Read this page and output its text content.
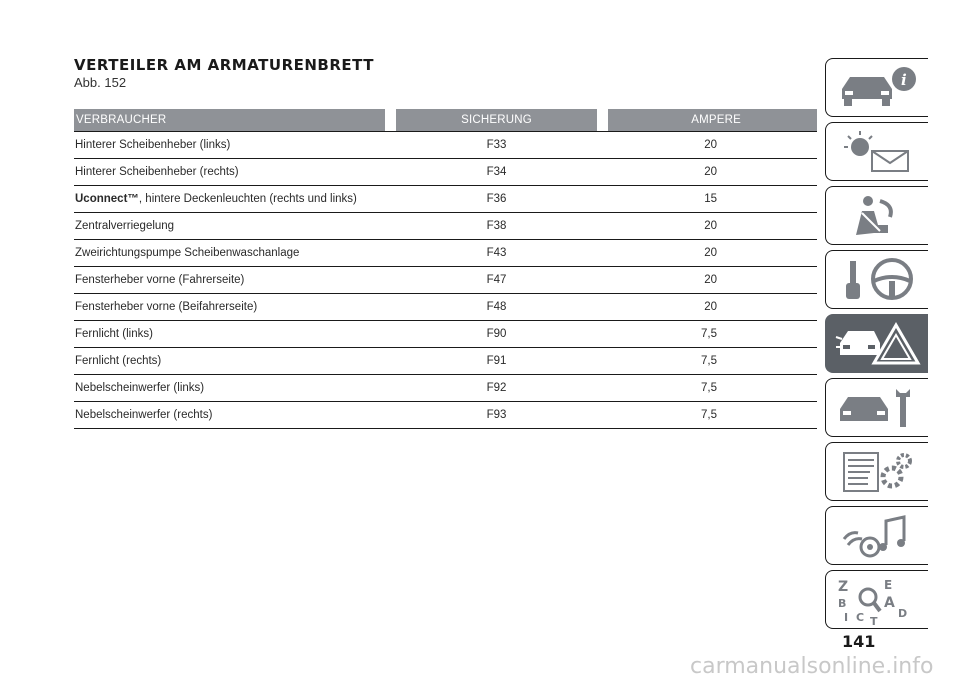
VERTEILER AM ARMATURENBRETT
Abb. 152
VERBRAUCHER		SICHERUNG		AMPERE
Hinterer Scheibenheber (links)		F33		20
Hinterer Scheibenheber (rechts)		F34		20
Uconnect™, hintere Deckenleuchten (rechts und links)		F36		15
Zentralverriegelung		F38		20
Zweirichtungspumpe Scheibenwaschanlage		F43		20
Fensterheber vorne (Fahrerseite)		F47		20
Fensterheber vorne (Beifahrerseite)		F48		20
Fernlicht (links)		F90		7,5
Fernlicht (rechts)		F91		7,5
Nebelscheinwerfer (links)		F92		7,5
Nebelscheinwerfer (rechts)		F93		7,5
i
Z	E
A
B
C	D
I T
141
carmanualsonline.info
